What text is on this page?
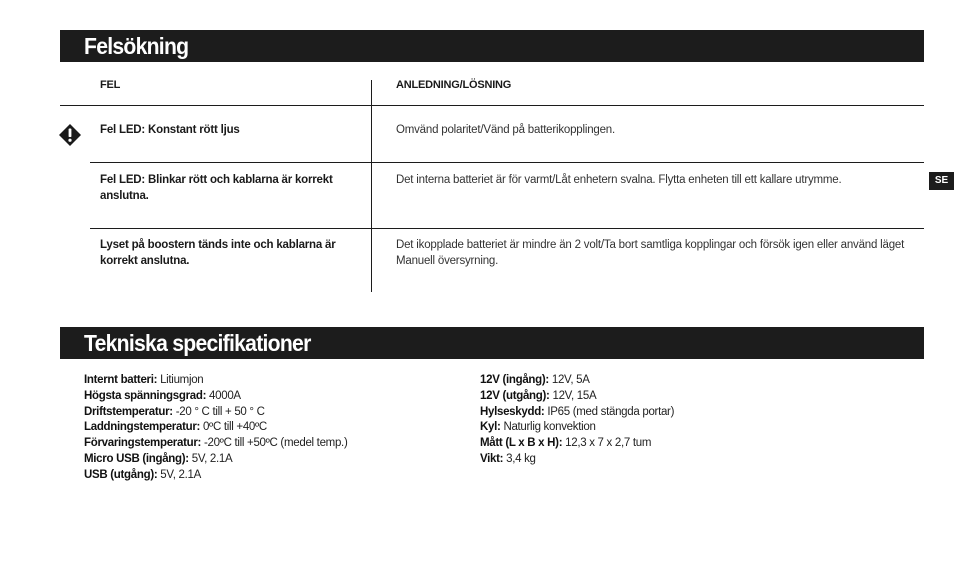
Felsökning
FEL	ANLEDNING/LÖSNING
Fel LED: Konstant rött ljus	Omvänd polaritet/Vänd på batterikopplingen.
Fel LED: Blinkar rött och kablarna är korrekt anslutna.
Det interna batteriet är för varmt/Låt enhetern svalna. Flytta enheten till ett kallare utrymme.
Lyset på boostern tänds inte och kablarna är korrekt anslutna.
Det ikopplade batteriet är mindre än 2 volt/Ta bort samtliga kopplingar och försök igen eller använd läget Manuell översyrning.
SE
Tekniska specifikationer
Internt batteri: Litiumjon
Högsta spänningsgrad: 4000A
Driftstemperatur: -20 ° C till + 50 ° C
Laddningstemperatur: 0ºC till +40ºC
Förvaringstemperatur: -20ºC till +50ºC (medel temp.)
Micro USB (ingång): 5V, 2.1A
USB (utgång): 5V, 2.1A
12V (ingång): 12V, 5A
12V (utgång): 12V, 15A
Hylseskydd: IP65 (med stängda portar)
Kyl: Naturlig konvektion
Mått (L x B x H): 12,3 x 7 x 2,7 tum
Vikt: 3,4 kg
